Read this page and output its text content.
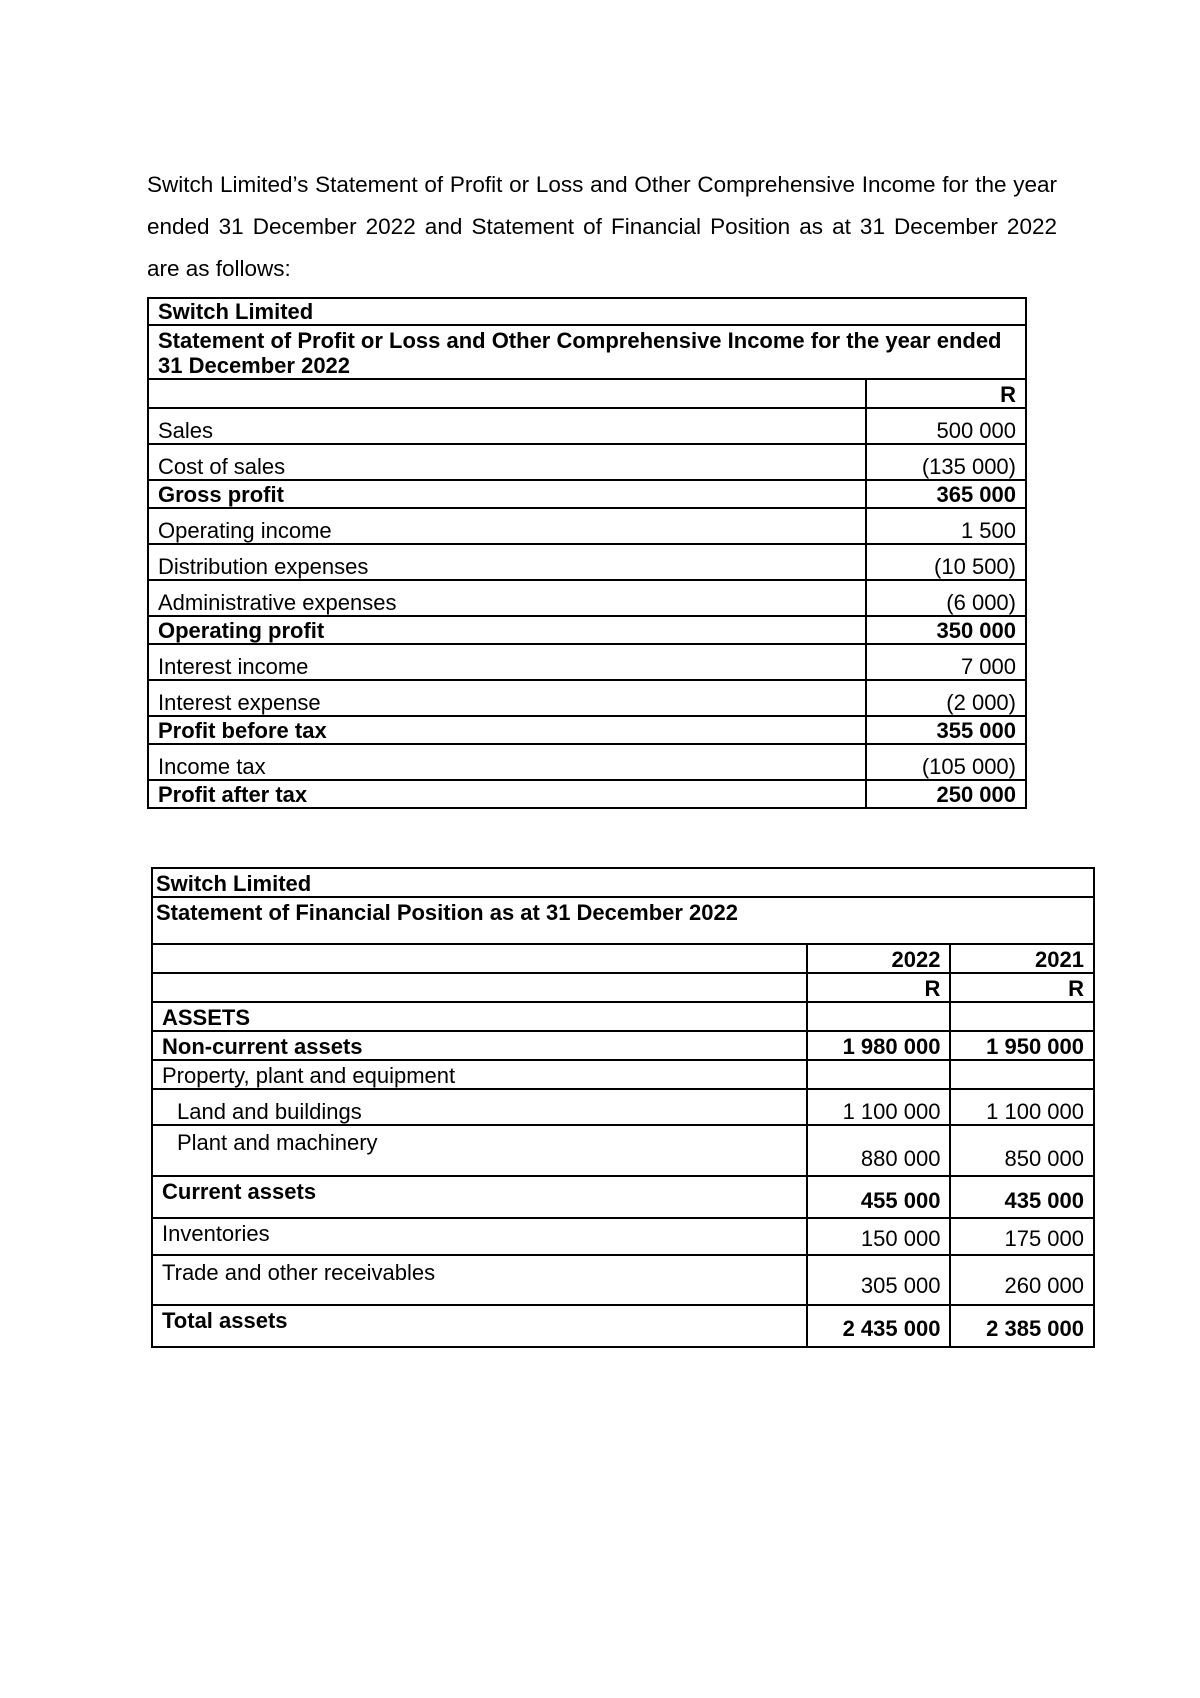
Switch Limited’s Statement of Profit or Loss and Other Comprehensive Income for the year ended 31 December 2022 and Statement of Financial Position as at 31 December 2022 are as follows:

Switch Limited	
Statement of Profit or Loss and Other Comprehensive Income for the year ended 31 December 2022	
	R
Sales	500 000
Cost of sales	(135 000)
Gross profit	365 000
Operating income	1 500
Distribution expenses	(10 500)
Administrative expenses	(6 000)
Operating profit	350 000
Interest income	7 000
Interest expense	(2 000)
Profit before tax	355 000
Income tax	(105 000)
Profit after tax	250 000
Switch Limited		
Statement of Financial Position as at 31 December 2022		
	2022	2021
	R	R
ASSETS		
Non-current assets	1 980 000	1 950 000
Property, plant and equipment		
Land and buildings	1 100 000	1 100 000
Plant and machinery	880 000	850 000
Current assets	455 000	435 000
Inventories	150 000	175 000
Trade and other receivables	305 000	260 000
Total assets	2 435 000	2 385 000
